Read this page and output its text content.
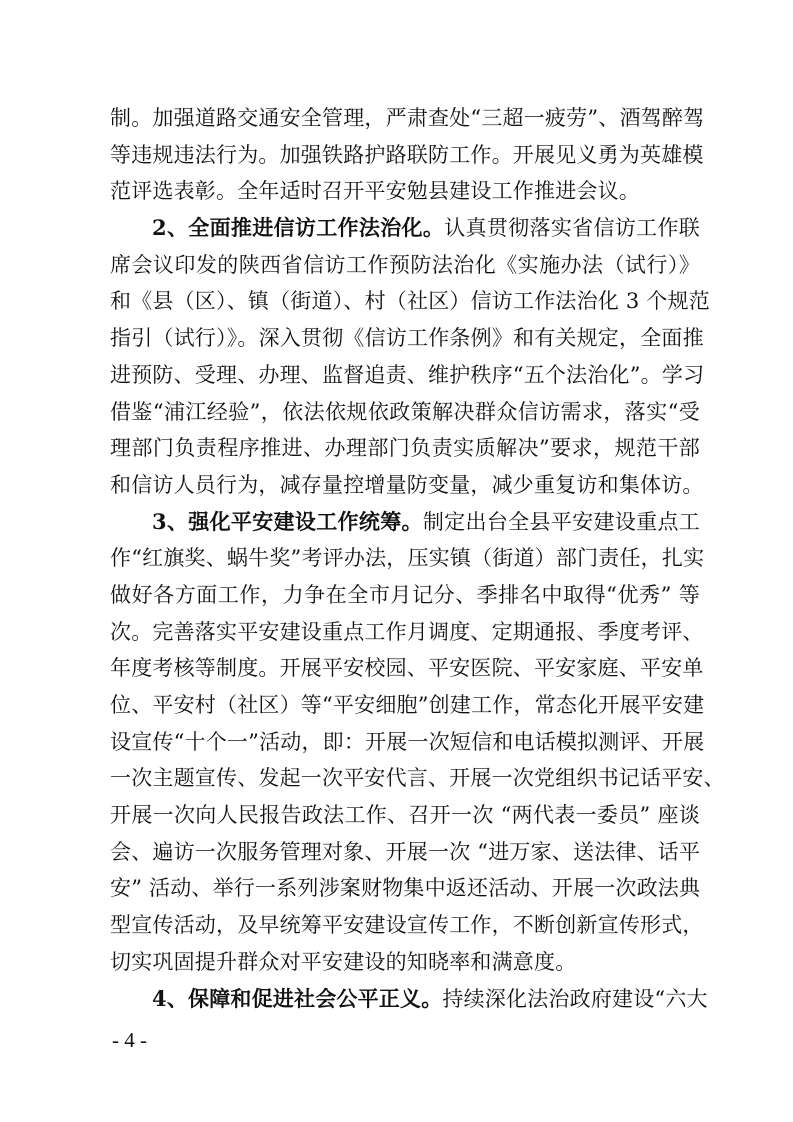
制。加强道路交通安全管理，严肃查处“三超一疲劳”、酒驾醉驾
等违规违法行为。加强铁路护路联防工作。开展见义勇为英雄模
范评选表彰。全年适时召开平安勉县建设工作推进会议。
2、全面推进信访工作法治化。认真贯彻落实省信访工作联
席会议印发的陕西省信访工作预防法治化《实施办法（试行）》
和《县（区）、镇（街道）、村（社区）信访工作法治化 3 个规范
指引（试行）》。深入贯彻《信访工作条例》和有关规定，全面推
进预防、受理、办理、监督追责、维护秩序“五个法治化”。学习
借鉴“浦江经验”，依法依规依政策解决群众信访需求，落实“受
理部门负责程序推进、办理部门负责实质解决”要求，规范干部
和信访人员行为，减存量控增量防变量，减少重复访和集体访。
3、强化平安建设工作统筹。制定出台全县平安建设重点工
作“红旗奖、蜗牛奖”考评办法，压实镇（街道）部门责任，扎实
做好各方面工作，力争在全市月记分、季排名中取得“优秀” 等
次。完善落实平安建设重点工作月调度、定期通报、季度考评、
年度考核等制度。开展平安校园、平安医院、平安家庭、平安单
位、平安村（社区）等“平安细胞”创建工作，常态化开展平安建
设宣传“十个一”活动，即：开展一次短信和电话模拟测评、开展
一次主题宣传、发起一次平安代言、开展一次党组织书记话平安、
开展一次向人民报告政法工作、召开一次 “两代表一委员” 座谈
会、遍访一次服务管理对象、开展一次 “进万家、送法律、话平
安” 活动、举行一系列涉案财物集中返还活动、开展一次政法典
型宣传活动，及早统筹平安建设宣传工作，不断创新宣传形式，
切实巩固提升群众对平安建设的知晓率和满意度。
4、保障和促进社会公平正义。持续深化法治政府建设“六大
- 4 -
